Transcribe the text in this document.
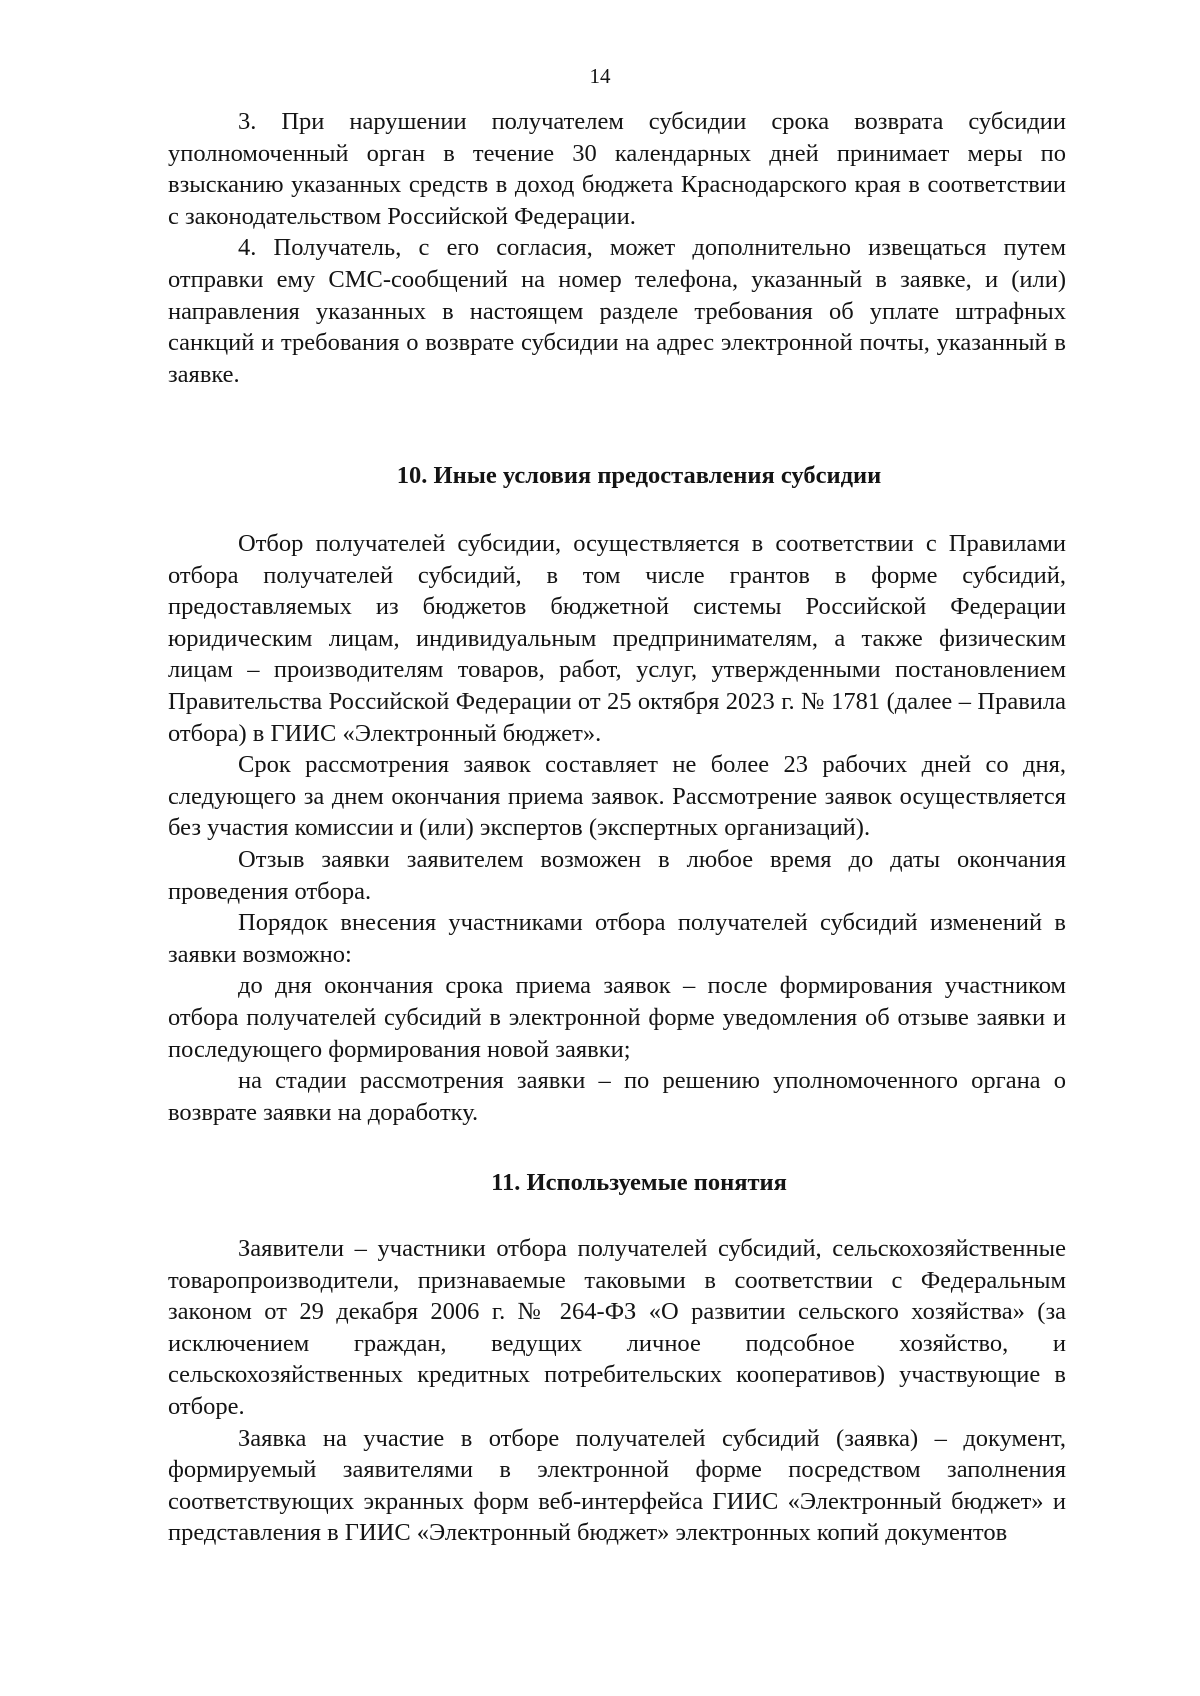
14

3. При нарушении получателем субсидии срока возврата субсидии уполномоченный орган в течение 30 календарных дней принимает меры по взысканию указанных средств в доход бюджета Краснодарского края в соответствии с законодательством Российской Федерации.

4. Получатель, с его согласия, может дополнительно извещаться путем отправки ему СМС-сообщений на номер телефона, указанный в заявке, и (или) направления указанных в настоящем разделе требования об уплате штрафных санкций и требования о возврате субсидии на адрес электронной почты, указанный в заявке.

10. Иные условия предоставления субсидии

Отбор получателей субсидии, осуществляется в соответствии с Правилами отбора получателей субсидий, в том числе грантов в форме субсидий, предоставляемых из бюджетов бюджетной системы Российской Федерации юридическим лицам, индивидуальным предпринимателям, а также физическим лицам – производителям товаров, работ, услуг, утвержденными постановлением Правительства Российской Федерации от 25 октября 2023 г. № 1781 (далее – Правила отбора) в ГИИС «Электронный бюджет».

Срок рассмотрения заявок составляет не более 23 рабочих дней со дня, следующего за днем окончания приема заявок. Рассмотрение заявок осуществляется без участия комиссии и (или) экспертов (экспертных организаций).

Отзыв заявки заявителем возможен в любое время до даты окончания проведения отбора.

Порядок внесения участниками отбора получателей субсидий изменений в заявки возможно:

до дня окончания срока приема заявок – после формирования участником отбора получателей субсидий в электронной форме уведомления об отзыве заявки и последующего формирования новой заявки;

на стадии рассмотрения заявки – по решению уполномоченного органа о возврате заявки на доработку.

11. Используемые понятия

Заявители – участники отбора получателей субсидий, сельскохозяйственные товаропроизводители, признаваемые таковыми в соответствии с Федеральным законом от 29 декабря 2006 г. № 264-ФЗ «О развитии сельского хозяйства» (за исключением граждан, ведущих личное подсобное хозяйство, и сельскохозяйственных кредитных потребительских кооперативов) участвующие в отборе.

Заявка на участие в отборе получателей субсидий (заявка) – документ, формируемый заявителями в электронной форме посредством заполнения соответствующих экранных форм веб-интерфейса ГИИС «Электронный бюджет» и представления в ГИИС «Электронный бюджет» электронных копий документов
